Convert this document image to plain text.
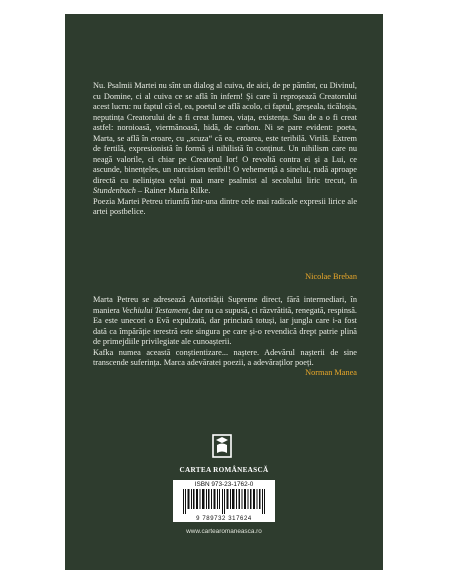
Nu. Psalmii Martei nu sînt un dialog al cuiva, de aici, de pe pămînt, cu Divinul, cu Domine, ci al cuiva ce se află în infern! Și care îi reproșează Creatorului acest lucru: nu faptul că el, ea, poetul se află acolo, ci faptul, greșeala, ticăloșia, neputința Creatorului de a fi creat lumea, viața, existența. Sau de a o fi creat astfel: noroioasă, viermănoasă, hidă, de carbon. Ni se pare evident: poeta, Marta, se află în eroare, cu „scuza“ că ea, eroarea, este teribilă. Virilă. Extrem de fertilă, expresionistă în formă și nihilistă în conținut. Un nihilism care nu neagă valorile, ci chiar pe Creatorul lor! O revoltă contra ei și a Lui, ce ascunde, binențeles, un narcisism teribil! O vehemență a sinelui, rudă aproape directă cu neliniștea celui mai mare psalmist al secolului liric trecut, în Stundenbuch – Rainer Maria Rilke.
Poezia Martei Petreu triumfă într-una dintre cele mai radicale expresii lirice ale artei postbelice.

Nicolae Breban

Marta Petreu se adresează Autorității Supreme direct, fără intermediari, în maniera Vechiului Testament, dar nu ca supusă, ci răzvrătită, renegată, respinsă. Ea este unecori o Evă expulzată, dar princiară totuși, iar jungla care i-a fost dată ca împărăție terestră este singura pe care și-o revendică drept patrie plină de primejdiile privilegiate ale cunoașterii.
Kafka numea această conștientizare... naștere. Adevărul nașterii de sine transcende suferința. Marca adevăratei poezii, a adevăraților poeți.

Norman Manea
CARTEA ROMÂNEASCĂ
ISBN 973-23-1762-0
9 789732 317624
www.cartearomaneasca.ro
